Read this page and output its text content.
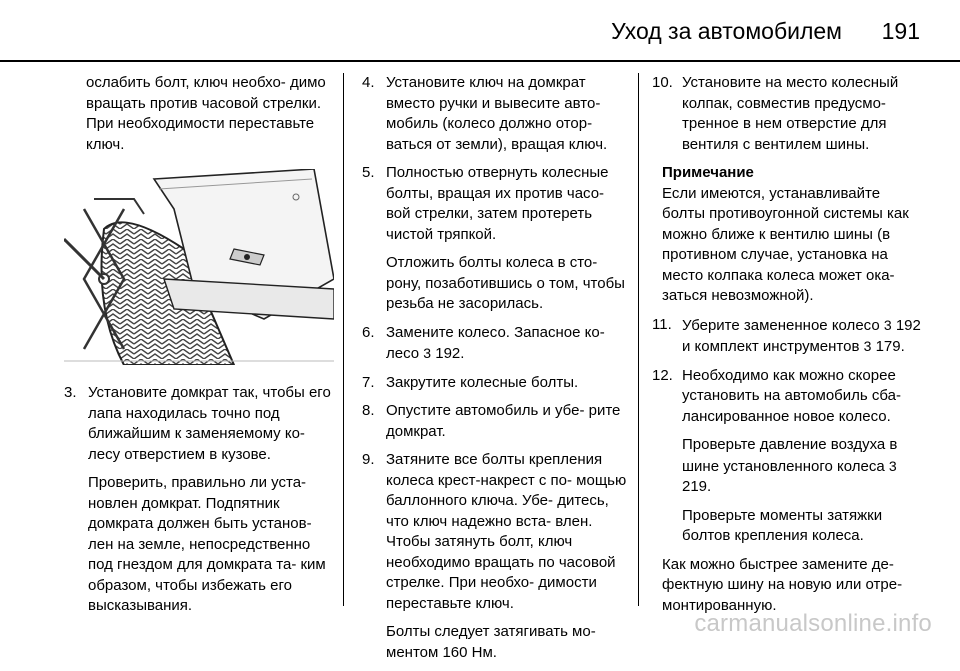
Уход за автомобилем 191

ослабить болт, ключ необхо- димо вращать против часовой стрелки. При необходимости переставьте ключ.

3. Установите домкрат так, чтобы его лапа находилась точно под ближайшим к заменяемому ко- лесу отверстием в кузове.

Проверить, правильно ли уста- новлен домкрат. Подпятник домкрата должен быть установ- лен на земле, непосредственно под гнездом для домкрата та- ким образом, чтобы избежать его высказывания.

4. Установите ключ на домкрат вместо ручки и вывесите авто- мобиль (колесо должно отор- ваться от земли), вращая ключ.

5. Полностью отвернуть колесные болты, вращая их против часо- вой стрелки, затем протереть чистой тряпкой.

Отложить болты колеса в сто- рону, позаботившись о том, чтобы резьба не засорилась.

6. Замените колесо. Запасное ко- лесо 3 192.

7. Закрутите колесные болты.

8. Опустите автомобиль и убе- рите домкрат.

9. Затяните все болты крепления колеса крест-накрест с по- мощью баллонного ключа. Убе- дитесь, что ключ надежно вста- влен. Чтобы затянуть болт, ключ необходимо вращать по часовой стрелке. При необхо- димости переставьте ключ.

Болты следует затягивать мо- ментом 160 Нм.

10. Установите на место колесный колпак, совместив предусмо- тренное в нем отверстие для вентиля с вентилем шины.

Примечание

Если имеются, устанавливайте болты противоугонной системы как можно ближе к вентилю шины (в противном случае, установка на место колпака колеса может ока- заться невозможной).

11. Уберите замененное колесо 3 192 и комплект инструментов 3 179.

12. Необходимо как можно скорее установить на автомобиль сба- лансированное новое колесо.

Проверьте давление воздуха в шине установленного колеса 3 219.

Проверьте моменты затяжки болтов крепления колеса.

Как можно быстрее замените де- фектную шину на новую или отре- монтированную.

carmanualsonline.info
